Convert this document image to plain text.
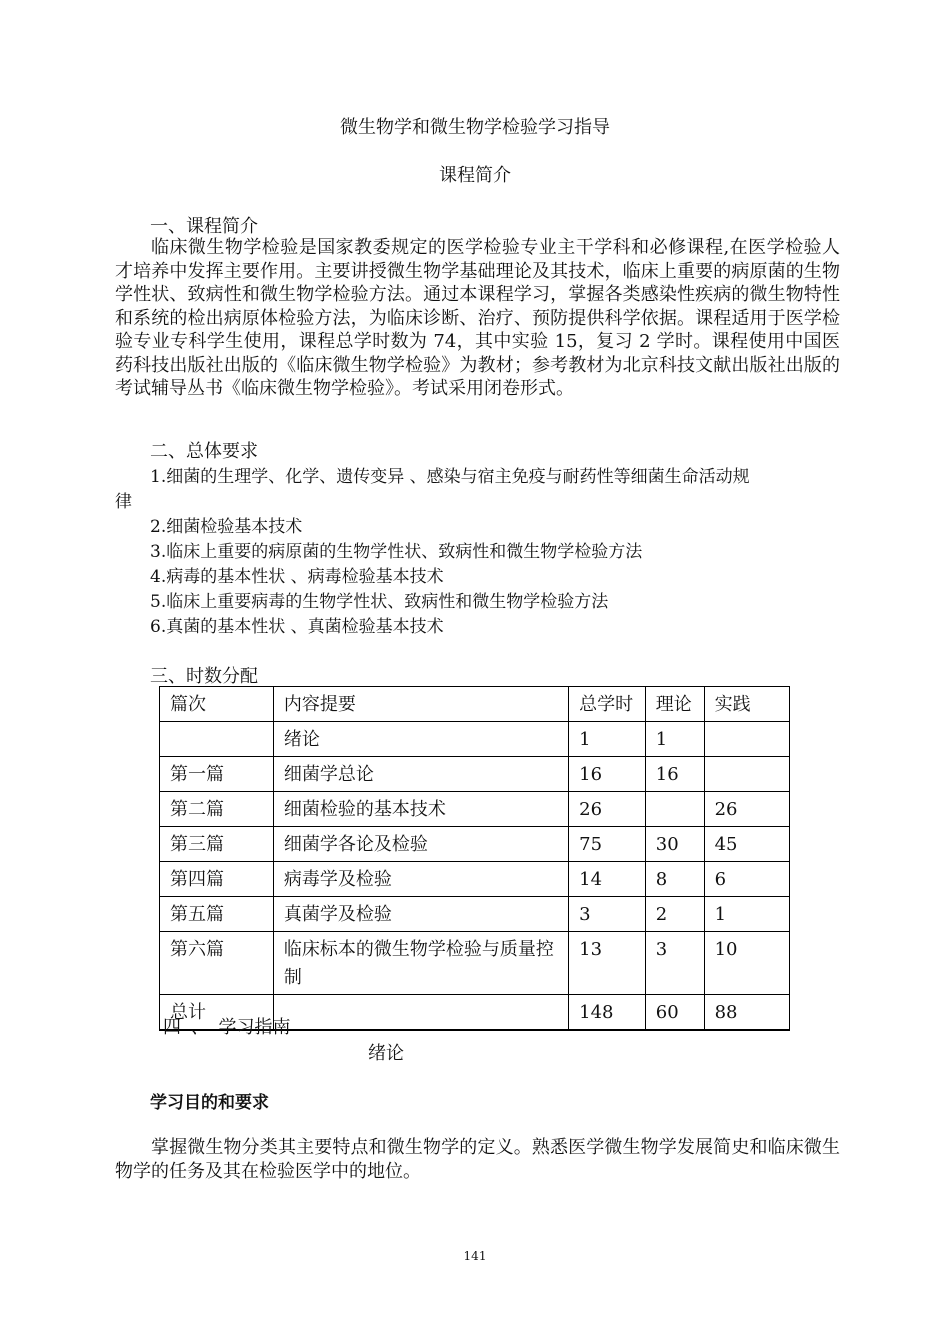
微生物学和微生物学检验学习指导
课程简介
一、课程简介

临床微生物学检验是国家教委规定的医学检验专业主干学科和必修课程,在医学检验人才培养中发挥主要作用。主要讲授微生物学基础理论及其技术，临床上重要的病原菌的生物学性状、致病性和微生物学检验方法。通过本课程学习，掌握各类感染性疾病的微生物特性和系统的检出病原体检验方法，为临床诊断、治疗、预防提供科学依据。课程适用于医学检验专业专科学生使用，课程总学时数为 74，其中实验 15，复习 2 学时。课程使用中国医药科技出版社出版的《临床微生物学检验》为教材；参考教材为北京科技文献出版社出版的考试辅导丛书《临床微生物学检验》。考试采用闭卷形式。

二、总体要求
1.细菌的生理学、化学、遗传变异 、感染与宿主免疫与耐药性等细菌生命活动规
律
2.细菌检验基本技术
3.临床上重要的病原菌的生物学性状、致病性和微生物学检验方法
4.病毒的基本性状 、病毒检验基本技术
5.临床上重要病毒的生物学性状、致病性和微生物学检验方法
6.真菌的基本性状 、真菌检验基本技术
三、时数分配
篇次	内容提要	总学时	理论	实践
	绪论	1	1	
第一篇	细菌学总论	16	16	
第二篇	细菌检验的基本技术	26		26
第三篇	细菌学各论及检验	75	30	45
第四篇	病毒学及检验	14	8	6
第五篇	真菌学及检验	3	2	1
第六篇	临床标本的微生物学检验与质量控制	13	3	10
总计		148	60	88
四 、 学习指南
绪论
学习目的和要求

掌握微生物分类其主要特点和微生物学的定义。熟悉医学微生物学发展简史和临床微生物学的任务及其在检验医学中的地位。

141
